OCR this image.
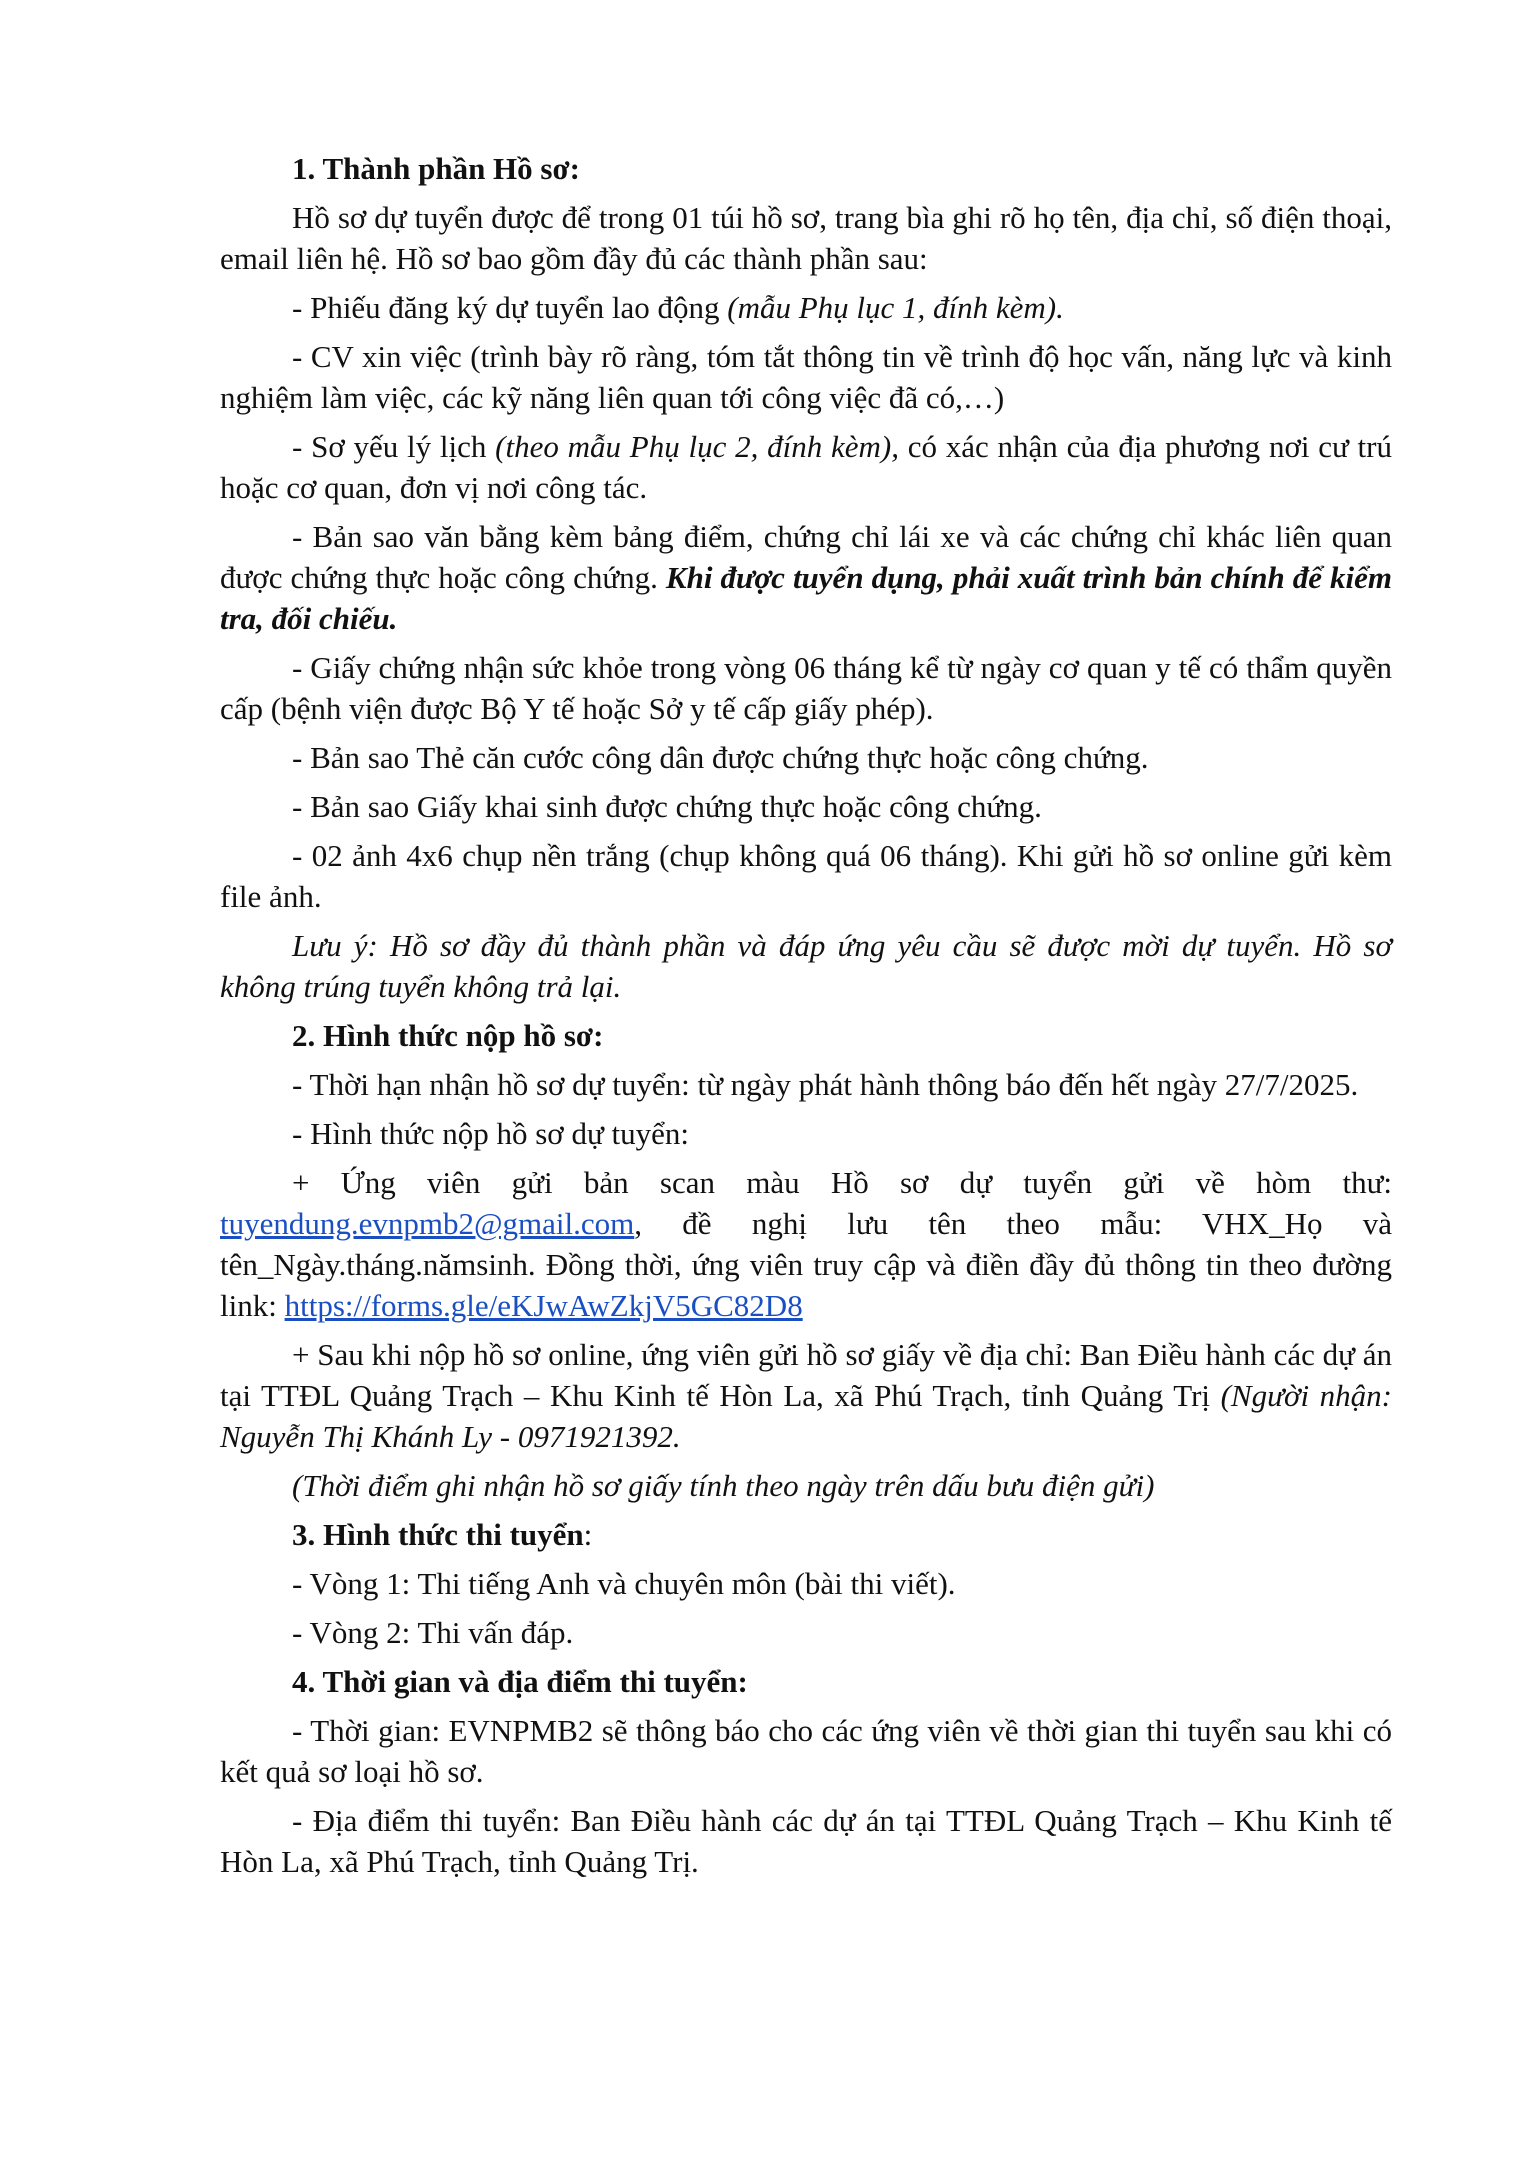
1. Thành phần Hồ sơ:

Hồ sơ dự tuyển được để trong 01 túi hồ sơ, trang bìa ghi rõ họ tên, địa chỉ, số điện thoại, email liên hệ. Hồ sơ bao gồm đầy đủ các thành phần sau:

- Phiếu đăng ký dự tuyển lao động (mẫu Phụ lục 1, đính kèm).

- CV xin việc (trình bày rõ ràng, tóm tắt thông tin về trình độ học vấn, năng lực và kinh nghiệm làm việc, các kỹ năng liên quan tới công việc đã có,…)

- Sơ yếu lý lịch (theo mẫu Phụ lục 2, đính kèm), có xác nhận của địa phương nơi cư trú hoặc cơ quan, đơn vị nơi công tác.

- Bản sao văn bằng kèm bảng điểm, chứng chỉ lái xe và các chứng chỉ khác liên quan được chứng thực hoặc công chứng. Khi được tuyển dụng, phải xuất trình bản chính để kiểm tra, đối chiếu.

- Giấy chứng nhận sức khỏe trong vòng 06 tháng kể từ ngày cơ quan y tế có thẩm quyền cấp (bệnh viện được Bộ Y tế hoặc Sở y tế cấp giấy phép).

- Bản sao Thẻ căn cước công dân được chứng thực hoặc công chứng.

- Bản sao Giấy khai sinh được chứng thực hoặc công chứng.

- 02 ảnh 4x6 chụp nền trắng (chụp không quá 06 tháng). Khi gửi hồ sơ online gửi kèm file ảnh.

Lưu ý: Hồ sơ đầy đủ thành phần và đáp ứng yêu cầu sẽ được mời dự tuyển. Hồ sơ không trúng tuyển không trả lại.

2. Hình thức nộp hồ sơ:

- Thời hạn nhận hồ sơ dự tuyển: từ ngày phát hành thông báo đến hết ngày 27/7/2025.

- Hình thức nộp hồ sơ dự tuyển:

+ Ứng viên gửi bản scan màu Hồ sơ dự tuyển gửi về hòm thư: tuyendung.evnpmb2@gmail.com, đề nghị lưu tên theo mẫu: VHX_Họ và tên_Ngày.tháng.nămsinh. Đồng thời, ứng viên truy cập và điền đầy đủ thông tin theo đường link: https://forms.gle/eKJwAwZkjV5GC82D8

+ Sau khi nộp hồ sơ online, ứng viên gửi hồ sơ giấy về địa chỉ: Ban Điều hành các dự án tại TTĐL Quảng Trạch – Khu Kinh tế Hòn La, xã Phú Trạch, tỉnh Quảng Trị (Người nhận: Nguyễn Thị Khánh Ly - 0971921392.

(Thời điểm ghi nhận hồ sơ giấy tính theo ngày trên dấu bưu điện gửi)

3. Hình thức thi tuyển:

- Vòng 1: Thi tiếng Anh và chuyên môn (bài thi viết).

- Vòng 2: Thi vấn đáp.

4. Thời gian và địa điểm thi tuyển:

- Thời gian: EVNPMB2 sẽ thông báo cho các ứng viên về thời gian thi tuyển sau khi có kết quả sơ loại hồ sơ.

- Địa điểm thi tuyển: Ban Điều hành các dự án tại TTĐL Quảng Trạch – Khu Kinh tế Hòn La, xã Phú Trạch, tỉnh Quảng Trị.
